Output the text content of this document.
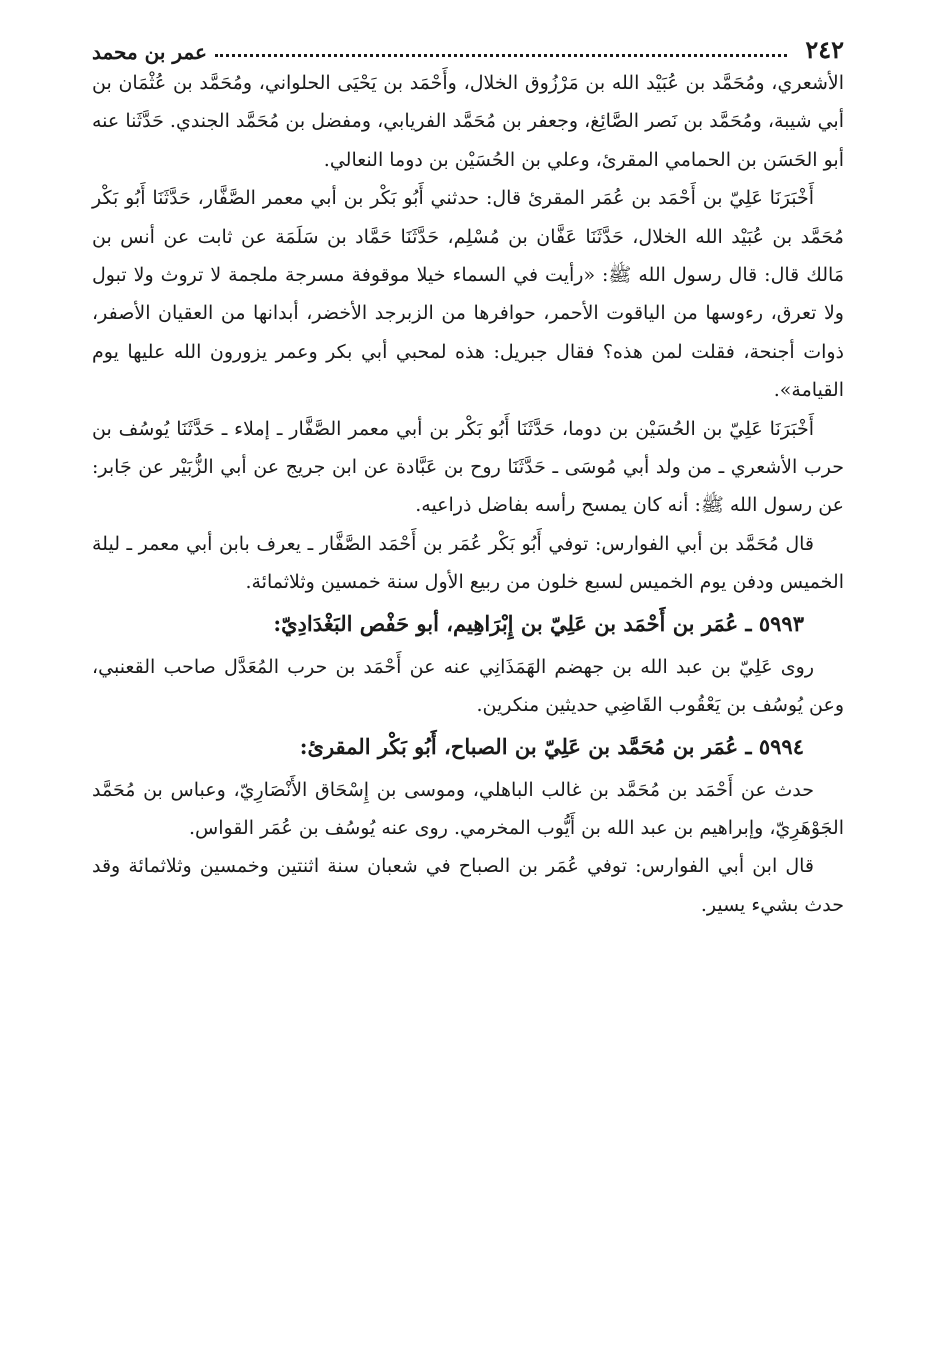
٢٤٢
عمر بن محمد

الأشعري، ومُحَمَّد بن عُبَيْد الله بن مَرْزُوق الخلال، وأَحْمَد بن يَحْيَى الحلواني، ومُحَمَّد بن عُثْمَان بن أبي شيبة، ومُحَمَّد بن نَصر الصَّائِغ، وجعفر بن مُحَمَّد الفريابي، ومفضل بن مُحَمَّد الجندي. حَدَّثَنا عنه أبو الحَسَن بن الحمامي المقرئ، وعلي بن الحُسَيْن بن دوما النعالي.

أَخْبَرَنَا عَلِيّ بن أَحْمَد بن عُمَر المقرئ قال: حدثني أَبُو بَكْر بن أبي معمر الصَّفَّار، حَدَّثَنَا أَبُو بَكْر مُحَمَّد بن عُبَيْد الله الخلال، حَدَّثَنَا عَفَّان بن مُسْلِم، حَدَّثَنَا حَمَّاد بن سَلَمَة عن ثابت عن أنس بن مَالك قال: قال رسول الله ﷺ: «رأيت في السماء خيلا موقوفة مسرجة ملجمة لا تروث ولا تبول ولا تعرق، رءوسها من الياقوت الأحمر، حوافرها من الزبرجد الأخضر، أبدانها من العقيان الأصفر، ذوات أجنحة، فقلت لمن هذه؟ فقال جبريل: هذه لمحبي أبي بكر وعمر يزورون الله عليها يوم القيامة».

أَخْبَرَنَا عَلِيّ بن الحُسَيْن بن دوما، حَدَّثَنَا أَبُو بَكْر بن أبي معمر الصَّفَّار ـ إملاء ـ حَدَّثَنَا يُوسُف بن حرب الأشعري ـ من ولد أبي مُوسَى ـ حَدَّثَنَا روح بن عَبَّادة عن ابن جريج عن أبي الزُّبَيْر عن جَابر: عن رسول الله ﷺ: أنه كان يمسح رأسه بفاضل ذراعيه.

قال مُحَمَّد بن أبي الفوارس: توفي أَبُو بَكْر عُمَر بن أَحْمَد الصَّفَّار ـ يعرف بابن أبي معمر ـ ليلة الخميس ودفن يوم الخميس لسبع خلون من ربيع الأول سنة خمسين وثلاثمائة.

٥٩٩٣ ـ عُمَر بن أَحْمَد بن عَلِيّ بن إِبْرَاهِيم، أبو حَفْص البَغْدَادِيّ:

روى عَلِيّ بن عبد الله بن جهضم الهَمَذَانِي عنه عن أَحْمَد بن حرب المُعَدَّل صاحب القعنبي، وعن يُوسُف بن يَعْقُوب القَاضِي حديثين منكرين.

٥٩٩٤ ـ عُمَر بن مُحَمَّد بن عَلِيّ بن الصباح، أَبُو بَكْر المقرئ:

حدث عن أَحْمَد بن مُحَمَّد بن غالب الباهلي، وموسى بن إِسْحَاق الأَنْصَارِيّ، وعباس بن مُحَمَّد الجَوْهَرِيّ، وإبراهيم بن عبد الله بن أَيُّوب المخرمي. روى عنه يُوسُف بن عُمَر القواس.

قال ابن أبي الفوارس: توفي عُمَر بن الصباح في شعبان سنة اثنتين وخمسين وثلاثمائة وقد حدث بشيء يسير.
